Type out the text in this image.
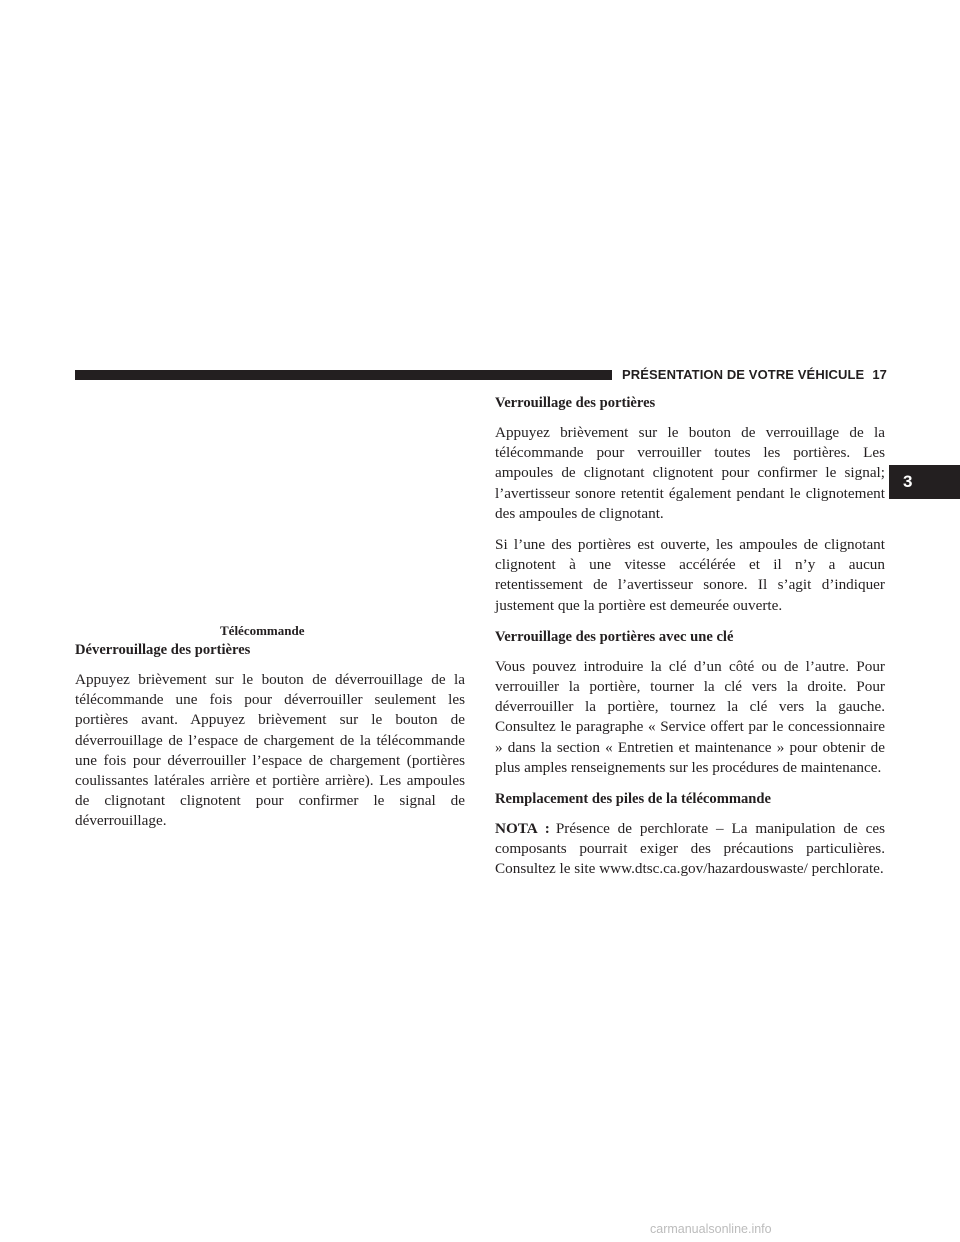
PRÉSENTATION DE VOTRE VÉHICULE 17
3
Télécommande
Déverrouillage des portières

Appuyez brièvement sur le bouton de déverrouillage de la télécommande une fois pour déverrouiller seulement les portières avant. Appuyez brièvement sur le bouton de déverrouillage de l’espace de chargement de la télécommande une fois pour déverrouiller l’espace de chargement (portières coulissantes latérales arrière et portière arrière). Les ampoules de clignotant clignotent pour confirmer le signal de déverrouillage.

Verrouillage des portières

Appuyez brièvement sur le bouton de verrouillage de la télécommande pour verrouiller toutes les portières. Les ampoules de clignotant clignotent pour confirmer le signal; l’avertisseur sonore retentit également pendant le clignotement des ampoules de clignotant.

Si l’une des portières est ouverte, les ampoules de clignotant clignotent à une vitesse accélérée et il n’y a aucun retentissement de l’avertisseur sonore. Il s’agit d’indiquer justement que la portière est demeurée ouverte.

Verrouillage des portières avec une clé

Vous pouvez introduire la clé d’un côté ou de l’autre. Pour verrouiller la portière, tourner la clé vers la droite. Pour déverrouiller la portière, tournez la clé vers la gauche. Consultez le paragraphe « Service offert par le concessionnaire » dans la section « Entretien et maintenance » pour obtenir de plus amples renseignements sur les procédures de maintenance.

Remplacement des piles de la télécommande

NOTA : Présence de perchlorate – La manipulation de ces composants pourrait exiger des précautions particulières. Consultez le site www.dtsc.ca.gov/hazardouswaste/ perchlorate.

carmanualsonline.info
